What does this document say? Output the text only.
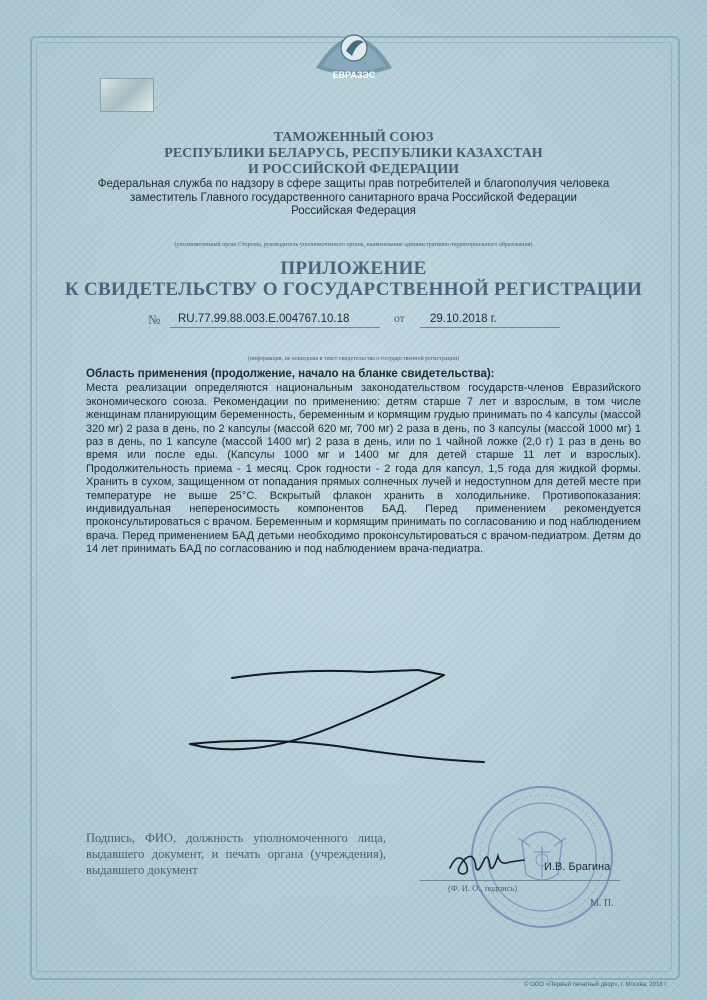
ЕВРАЗЭС
ТАМОЖЕННЫЙ СОЮЗ
РЕСПУБЛИКИ БЕЛАРУСЬ, РЕСПУБЛИКИ КАЗАХСТАН
И РОССИЙСКОЙ ФЕДЕРАЦИИ
Федеральная служба по надзору в сфере защиты прав потребителей и благополучия человека
заместитель Главного государственного санитарного врача Российской Федерации
Российская Федерация
(уполномоченный орган Стороны, руководитель уполномоченного органа, наименование административно-территориального образования)
ПРИЛОЖЕНИЕ
К СВИДЕТЕЛЬСТВУ О ГОСУДАРСТВЕННОЙ РЕГИСТРАЦИИ
№ RU.77.99.88.003.E.004767.10.18	от 29.10.2018 г.
(информация, не вошедшая в текст свидетельства о государственной регистрации)
Область применения (продолжение, начало на бланке свидетельства):
Места реализации определяются национальным законодательством государств-членов Евразийского экономического союза. Рекомендации по применению: детям старше 7 лет и взрослым, в том числе женщинам планирующим беременность, беременным и кормящим грудью принимать по 4 капсулы (массой 320 мг) 2 раза в день, по 2 капсулы (массой 620 мг, 700 мг) 2 раза в день, по 3 капсулы (массой 1000 мг) 1 раз в день, по 1 капсуле (массой 1400 мг) 2 раза в день, или по 1 чайной ложке (2,0 г) 1 раз в день во время или после еды. (Капсулы 1000 мг и 1400 мг для детей старше 11 лет и взрослых). Продолжительность приема - 1 месяц. Срок годности - 2 года для капсул, 1,5 года для жидкой формы. Хранить в сухом, защищенном от попадания прямых солнечных лучей и недоступном для детей месте при температуре не выше 25°С. Вскрытый флакон хранить в холодильнике. Противопоказания: индивидуальная непереносимость компонентов БАД. Перед применением рекомендуется проконсультироваться с врачом. Беременным и кормящим принимать по согласованию и под наблюдением врача. Перед применением БАД детьми необходимо проконсультироваться с врачом-педиатром. Детям до 14 лет принимать БАД по согласованию и под наблюдением врача-педиатра.
Подпись, ФИО, должность уполномоченного лица, выдавшего документ, и печать органа (учреждения), выдавшего документ	И.В. Брагина
(Ф. И. О., подпись)
М. П.
© ООО «Первый печатный двор», г. Москва, 2018 г.
